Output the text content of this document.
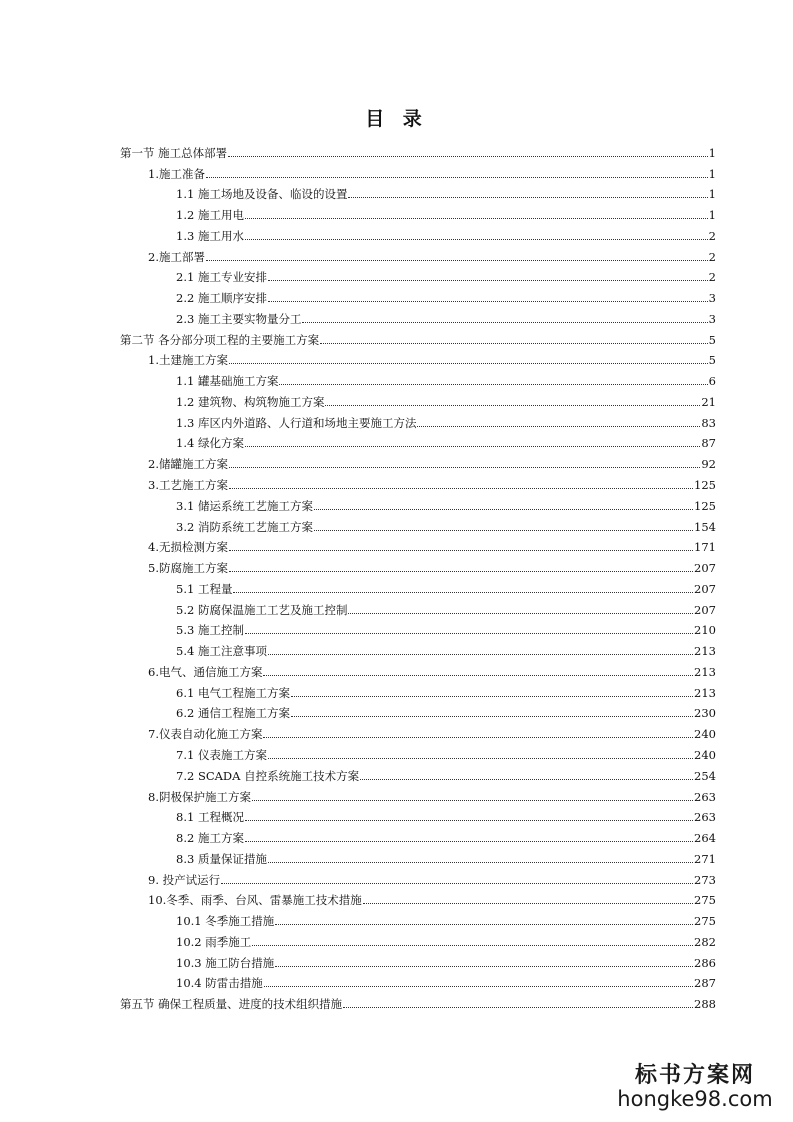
目 录
第一节 施工总体部署	1
1.施工准备	1
1.1 施工场地及设备、临设的设置	1
1.2 施工用电	1
1.3 施工用水	2
2.施工部署	2
2.1 施工专业安排	2
2.2 施工顺序安排	3
2.3 施工主要实物量分工	3
第二节 各分部分项工程的主要施工方案	5
1.土建施工方案	5
1.1 罐基础施工方案	6
1.2 建筑物、构筑物施工方案	21
1.3 库区内外道路、人行道和场地主要施工方法	83
1.4 绿化方案	87
2.储罐施工方案	92
3.工艺施工方案	125
3.1 储运系统工艺施工方案	125
3.2 消防系统工艺施工方案	154
4.无损检测方案	171
5.防腐施工方案	207
5.1 工程量	207
5.2 防腐保温施工工艺及施工控制	207
5.3 施工控制	210
5.4 施工注意事项	213
6.电气、通信施工方案	213
6.1 电气工程施工方案	213
6.2 通信工程施工方案	230
7.仪表自动化施工方案	240
7.1 仪表施工方案	240
7.2 SCADA 自控系统施工技术方案	254
8.阴极保护施工方案	263
8.1 工程概况	263
8.2 施工方案	264
8.3 质量保证措施	271
9. 投产试运行	273
10.冬季、雨季、台风、雷暴施工技术措施	275
10.1 冬季施工措施	275
10.2 雨季施工	282
10.3 施工防台措施	286
10.4 防雷击措施	287
第五节 确保工程质量、进度的技术组织措施	288
标书方案网
hongke98.com
